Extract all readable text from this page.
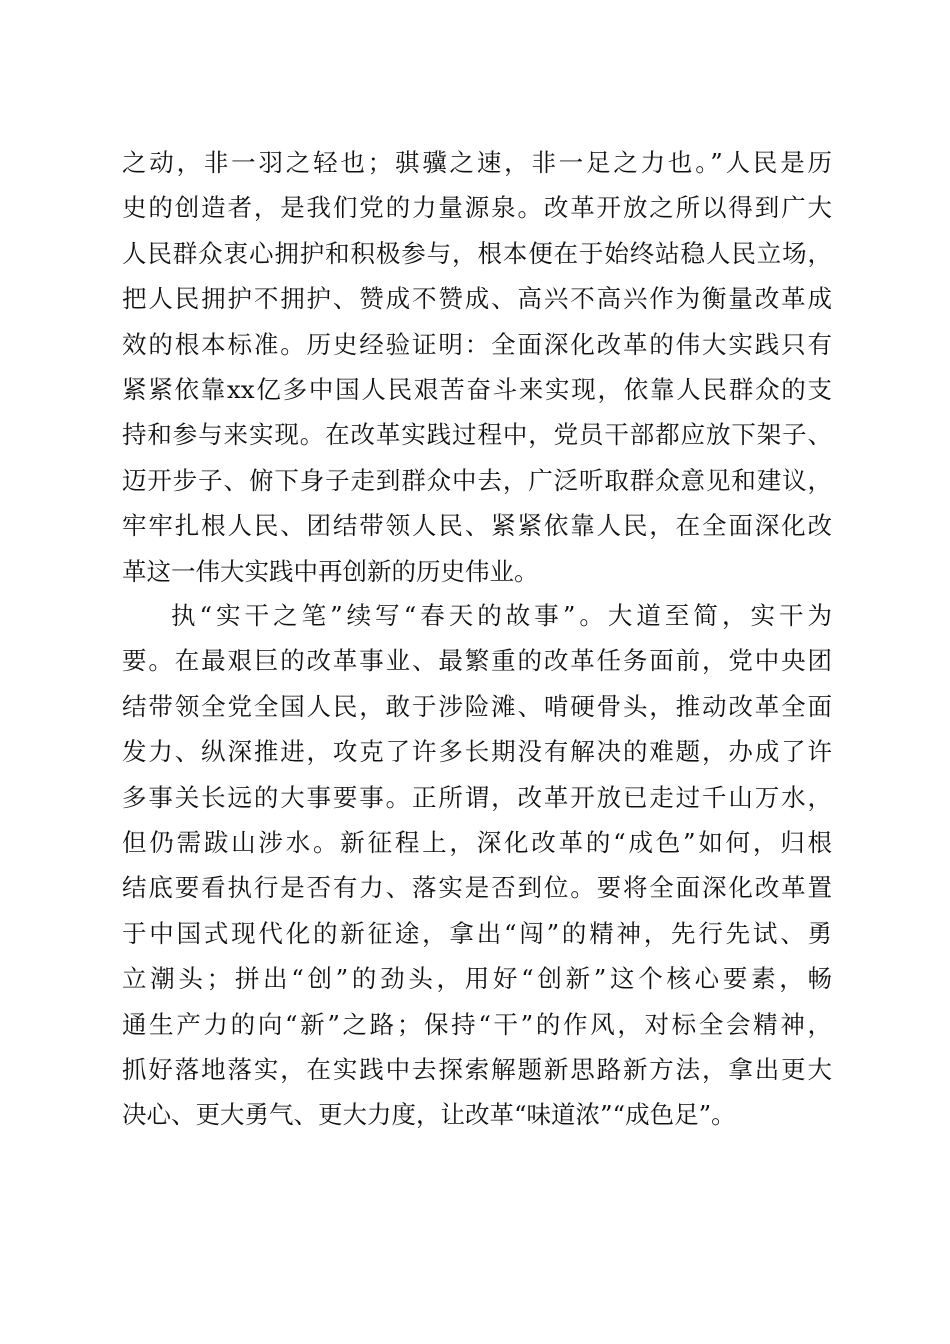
之动，非一羽之轻也；骐骥之速，非一足之力也。”人民是历
史的创造者，是我们党的力量源泉。改革开放之所以得到广大
人民群众衷心拥护和积极参与，根本便在于始终站稳人民立场，
把人民拥护不拥护、赞成不赞成、高兴不高兴作为衡量改革成
效的根本标准。历史经验证明：全面深化改革的伟大实践只有
紧紧依靠xx亿多中国人民艰苦奋斗来实现，依靠人民群众的支
持和参与来实现。在改革实践过程中，党员干部都应放下架子、
迈开步子、俯下身子走到群众中去，广泛听取群众意见和建议，
牢牢扎根人民、团结带领人民、紧紧依靠人民，在全面深化改
革这一伟大实践中再创新的历史伟业。
执“实干之笔”续写“春天的故事”。大道至简，实干为
要。在最艰巨的改革事业、最繁重的改革任务面前，党中央团
结带领全党全国人民，敢于涉险滩、啃硬骨头，推动改革全面
发力、纵深推进，攻克了许多长期没有解决的难题，办成了许
多事关长远的大事要事。正所谓，改革开放已走过千山万水，
但仍需跋山涉水。新征程上，深化改革的“成色”如何，归根
结底要看执行是否有力、落实是否到位。要将全面深化改革置
于中国式现代化的新征途，拿出“闯”的精神，先行先试、勇
立潮头；拼出“创”的劲头，用好“创新”这个核心要素，畅
通生产力的向“新”之路；保持“干”的作风，对标全会精神，
抓好落地落实，在实践中去探索解题新思路新方法，拿出更大
决心、更大勇气、更大力度，让改革“味道浓”“成色足”。
